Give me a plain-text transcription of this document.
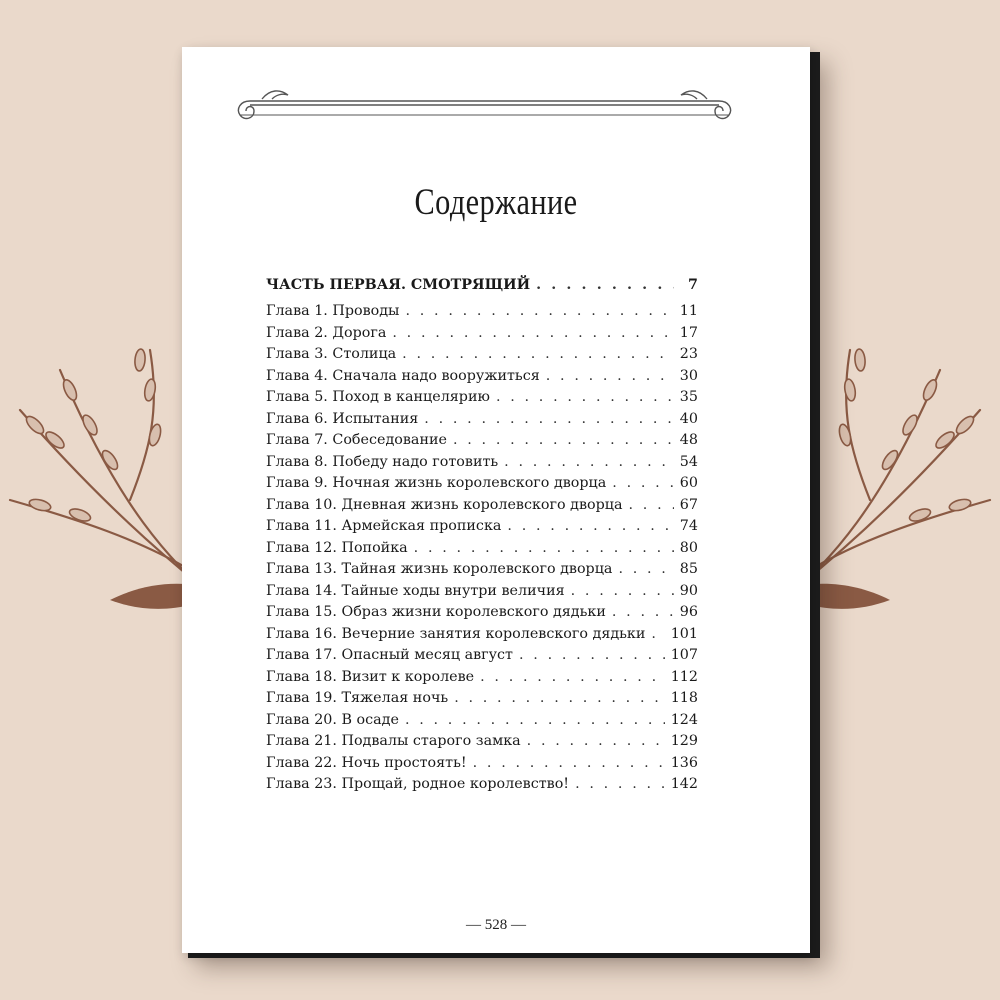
Содержание
ЧАСТЬ ПЕРВАЯ. СМОТРЯЩИЙ . . .	7
Глава 1. Проводы . . .	11
Глава 2. Дорога . . .	17
Глава 3. Столица . . .	23
Глава 4. Сначала надо вооружиться . . .	30
Глава 5. Поход в канцелярию . . .	35
Глава 6. Испытания . . .	40
Глава 7. Собеседование . . .	48
Глава 8. Победу надо готовить . . .	54
Глава 9. Ночная жизнь королевского дворца . . .	60
Глава 10. Дневная жизнь королевского дворца . . .	67
Глава 11. Армейская прописка . . .	74
Глава 12. Попойка . . .	80
Глава 13. Тайная жизнь королевского дворца . . .	85
Глава 14. Тайные ходы внутри величия . . .	90
Глава 15. Образ жизни королевского дядьки . . .	96
Глава 16. Вечерние занятия королевского дядьки . . . 101
Глава 17. Опасный месяц август . . .	107
Глава 18. Визит к королеве . . .	112
Глава 19. Тяжелая ночь . . .	118
Глава 20. В осаде . . .	124
Глава 21. Подвалы старого замка . . .	129
Глава 22. Ночь простоять! . . .	136
Глава 23. Прощай, родное королевство! . . .	142
— 528 —
